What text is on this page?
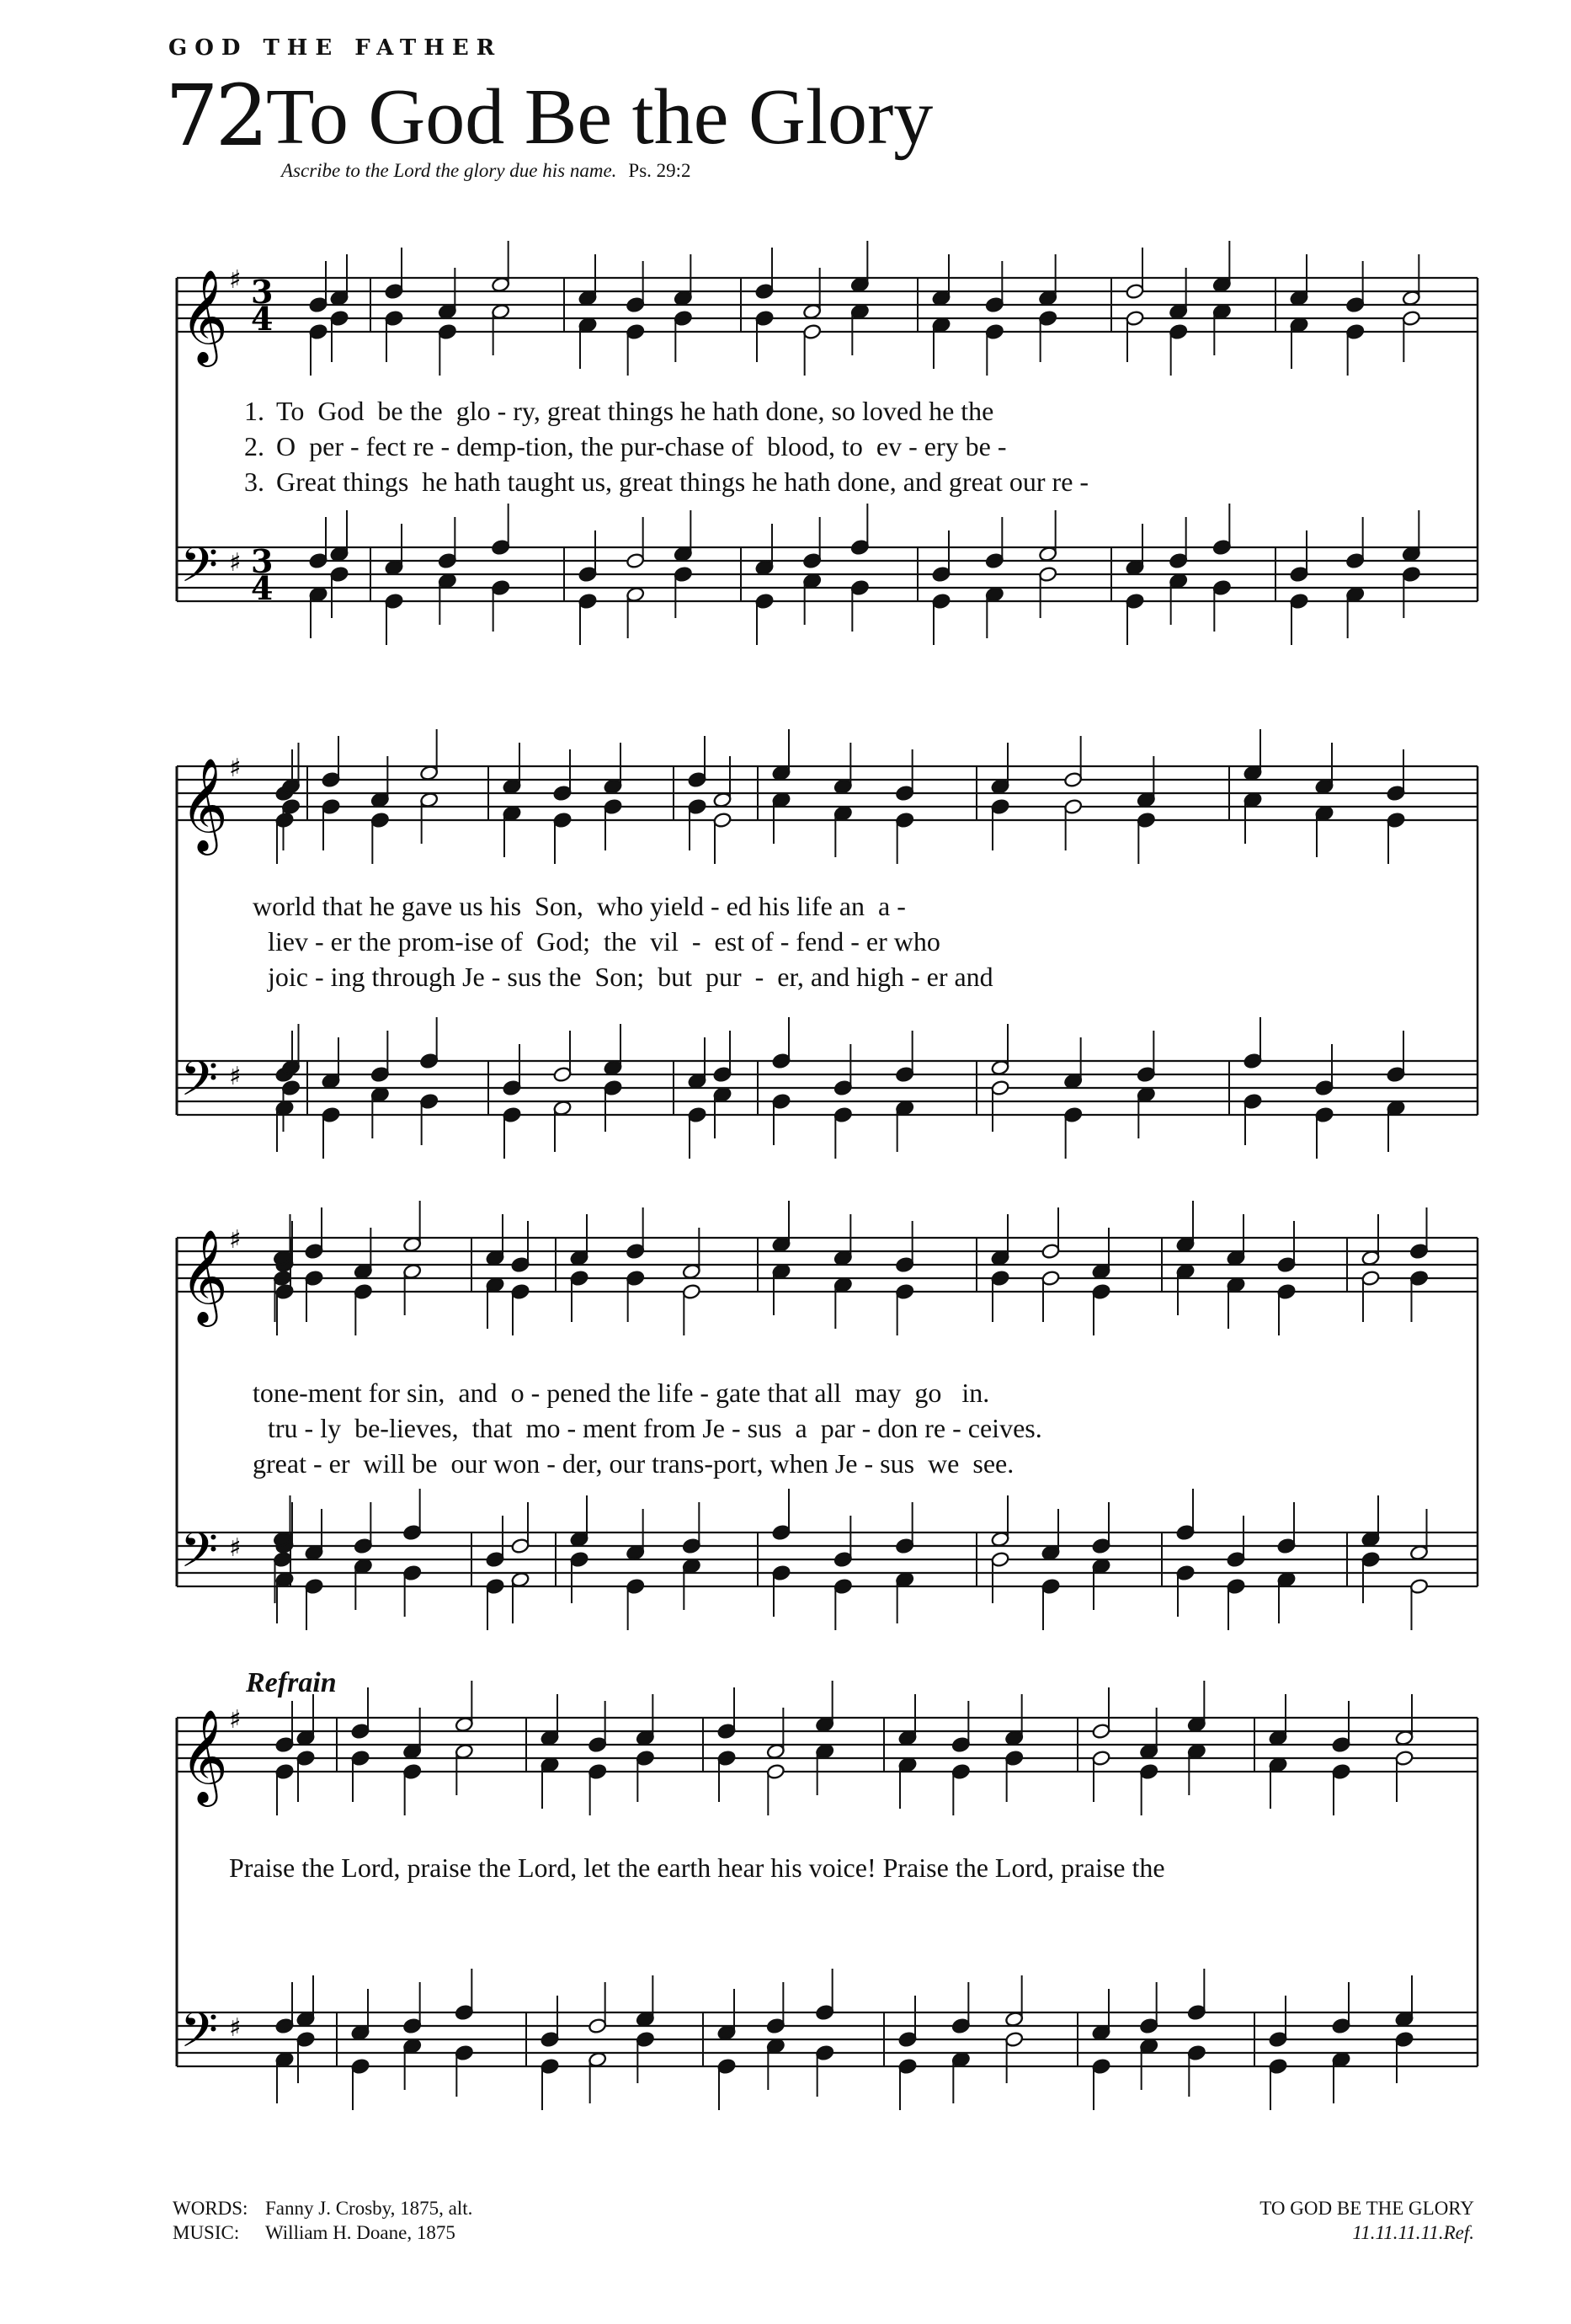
GOD THE FATHER
72 To God Be the Glory
Ascribe to the Lord the glory due his name. Ps. 29:2
𝄞
𝄢
♯
♯
3
4
3
4
1. To  God  be the  glo - ry, great things he hath done, so loved he the
2. O  per - fect re - demp-tion, the pur-chase of  blood, to  ev - ery be -
3. Great things  he hath taught us, great things he hath done, and great our re -
𝄞
𝄢
♯
♯
world that he gave us his  Son,  who yield - ed his life an  a -
liev - er the prom-ise of  God;  the  vil  -  est of - fend - er who
joic - ing through Je - sus the  Son;  but  pur  -  er, and high - er and
𝄞
𝄢
♯
♯
tone-ment for sin,  and  o - pened the life - gate that all  may  go   in.
tru - ly  be-lieves,  that  mo - ment from Je - sus  a  par - don re - ceives.
great - er  will be  our won - der, our trans-port, when Je - sus  we  see.
Refrain
𝄞
𝄢
♯
♯
Praise the Lord, praise the Lord, let the earth hear his voice! Praise the Lord, praise the
WORDS: Fanny J. Crosby, 1875, alt.
MUSIC: William H. Doane, 1875
TO GOD BE THE GLORY
11.11.11.11.Ref.
